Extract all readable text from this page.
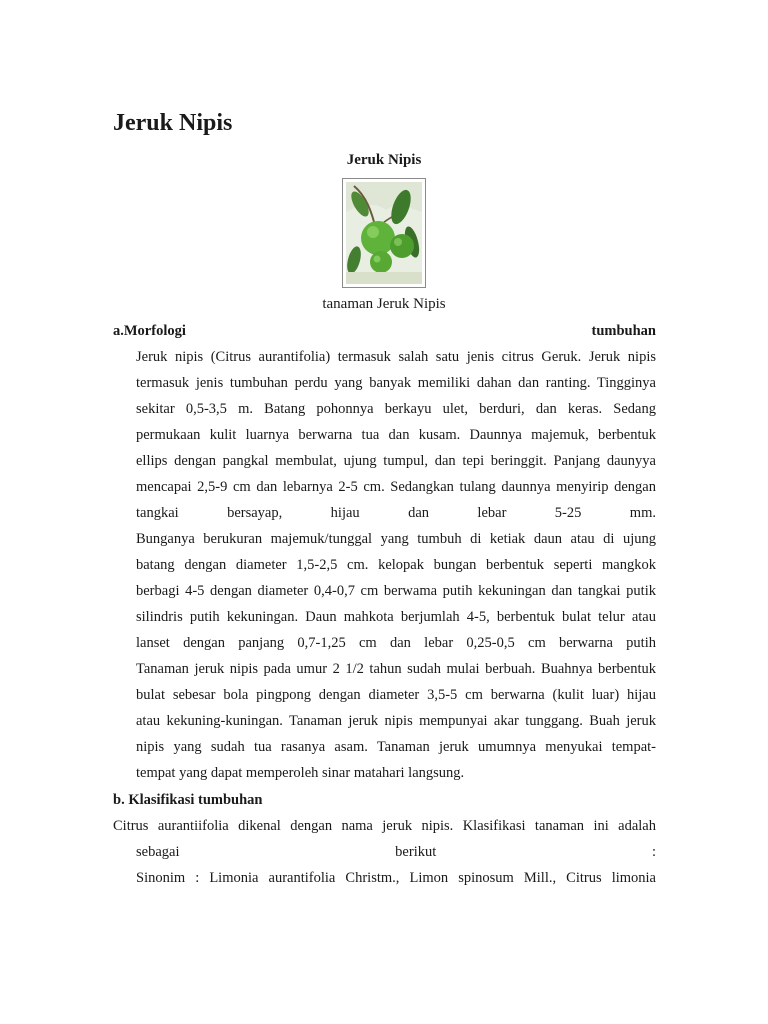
Jeruk Nipis

Jeruk Nipis

tanaman Jeruk Nipis

a.Morfologi	tumbuhan

Jeruk nipis (Citrus aurantifolia) termasuk salah satu jenis citrus Geruk. Jeruk nipis

termasuk jenis tumbuhan perdu yang banyak memiliki dahan dan ranting. Tingginya

sekitar 0,5-3,5 m. Batang pohonnya berkayu ulet, berduri, dan keras. Sedang

permukaan kulit luarnya berwarna tua dan kusam. Daunnya majemuk, berbentuk

ellips dengan pangkal membulat, ujung tumpul, dan tepi beringgit. Panjang daunyya

mencapai 2,5-9 cm dan lebarnya 2-5 cm. Sedangkan tulang daunnya menyirip dengan

tangkai bersayap, hijau dan lebar 5-25 mm.

Bunganya berukuran majemuk/tunggal yang tumbuh di ketiak daun atau di ujung

batang dengan diameter 1,5-2,5 cm. kelopak bungan berbentuk seperti mangkok

berbagi 4-5 dengan diameter 0,4-0,7 cm berwama putih kekuningan dan tangkai putik

silindris putih kekuningan. Daun mahkota berjumlah 4-5, berbentuk bulat telur atau

lanset dengan panjang 0,7-1,25 cm dan lebar 0,25-0,5 cm berwarna putih

Tanaman jeruk nipis pada umur 2 1/2 tahun sudah mulai berbuah. Buahnya berbentuk

bulat sebesar bola pingpong dengan diameter 3,5-5 cm berwarna (kulit luar) hijau

atau kekuning-kuningan. Tanaman jeruk nipis mempunyai akar tunggang. Buah jeruk

nipis yang sudah tua rasanya asam. Tanaman jeruk umumnya menyukai tempat-

tempat yang dapat memperoleh sinar matahari langsung.

b. Klasifikasi tumbuhan

Citrus aurantiifolia dikenal dengan nama jeruk nipis. Klasifikasi tanaman ini adalah

sebagai berikut :

Sinonim : Limonia aurantifolia Christm., Limon spinosum Mill., Citrus limonia
